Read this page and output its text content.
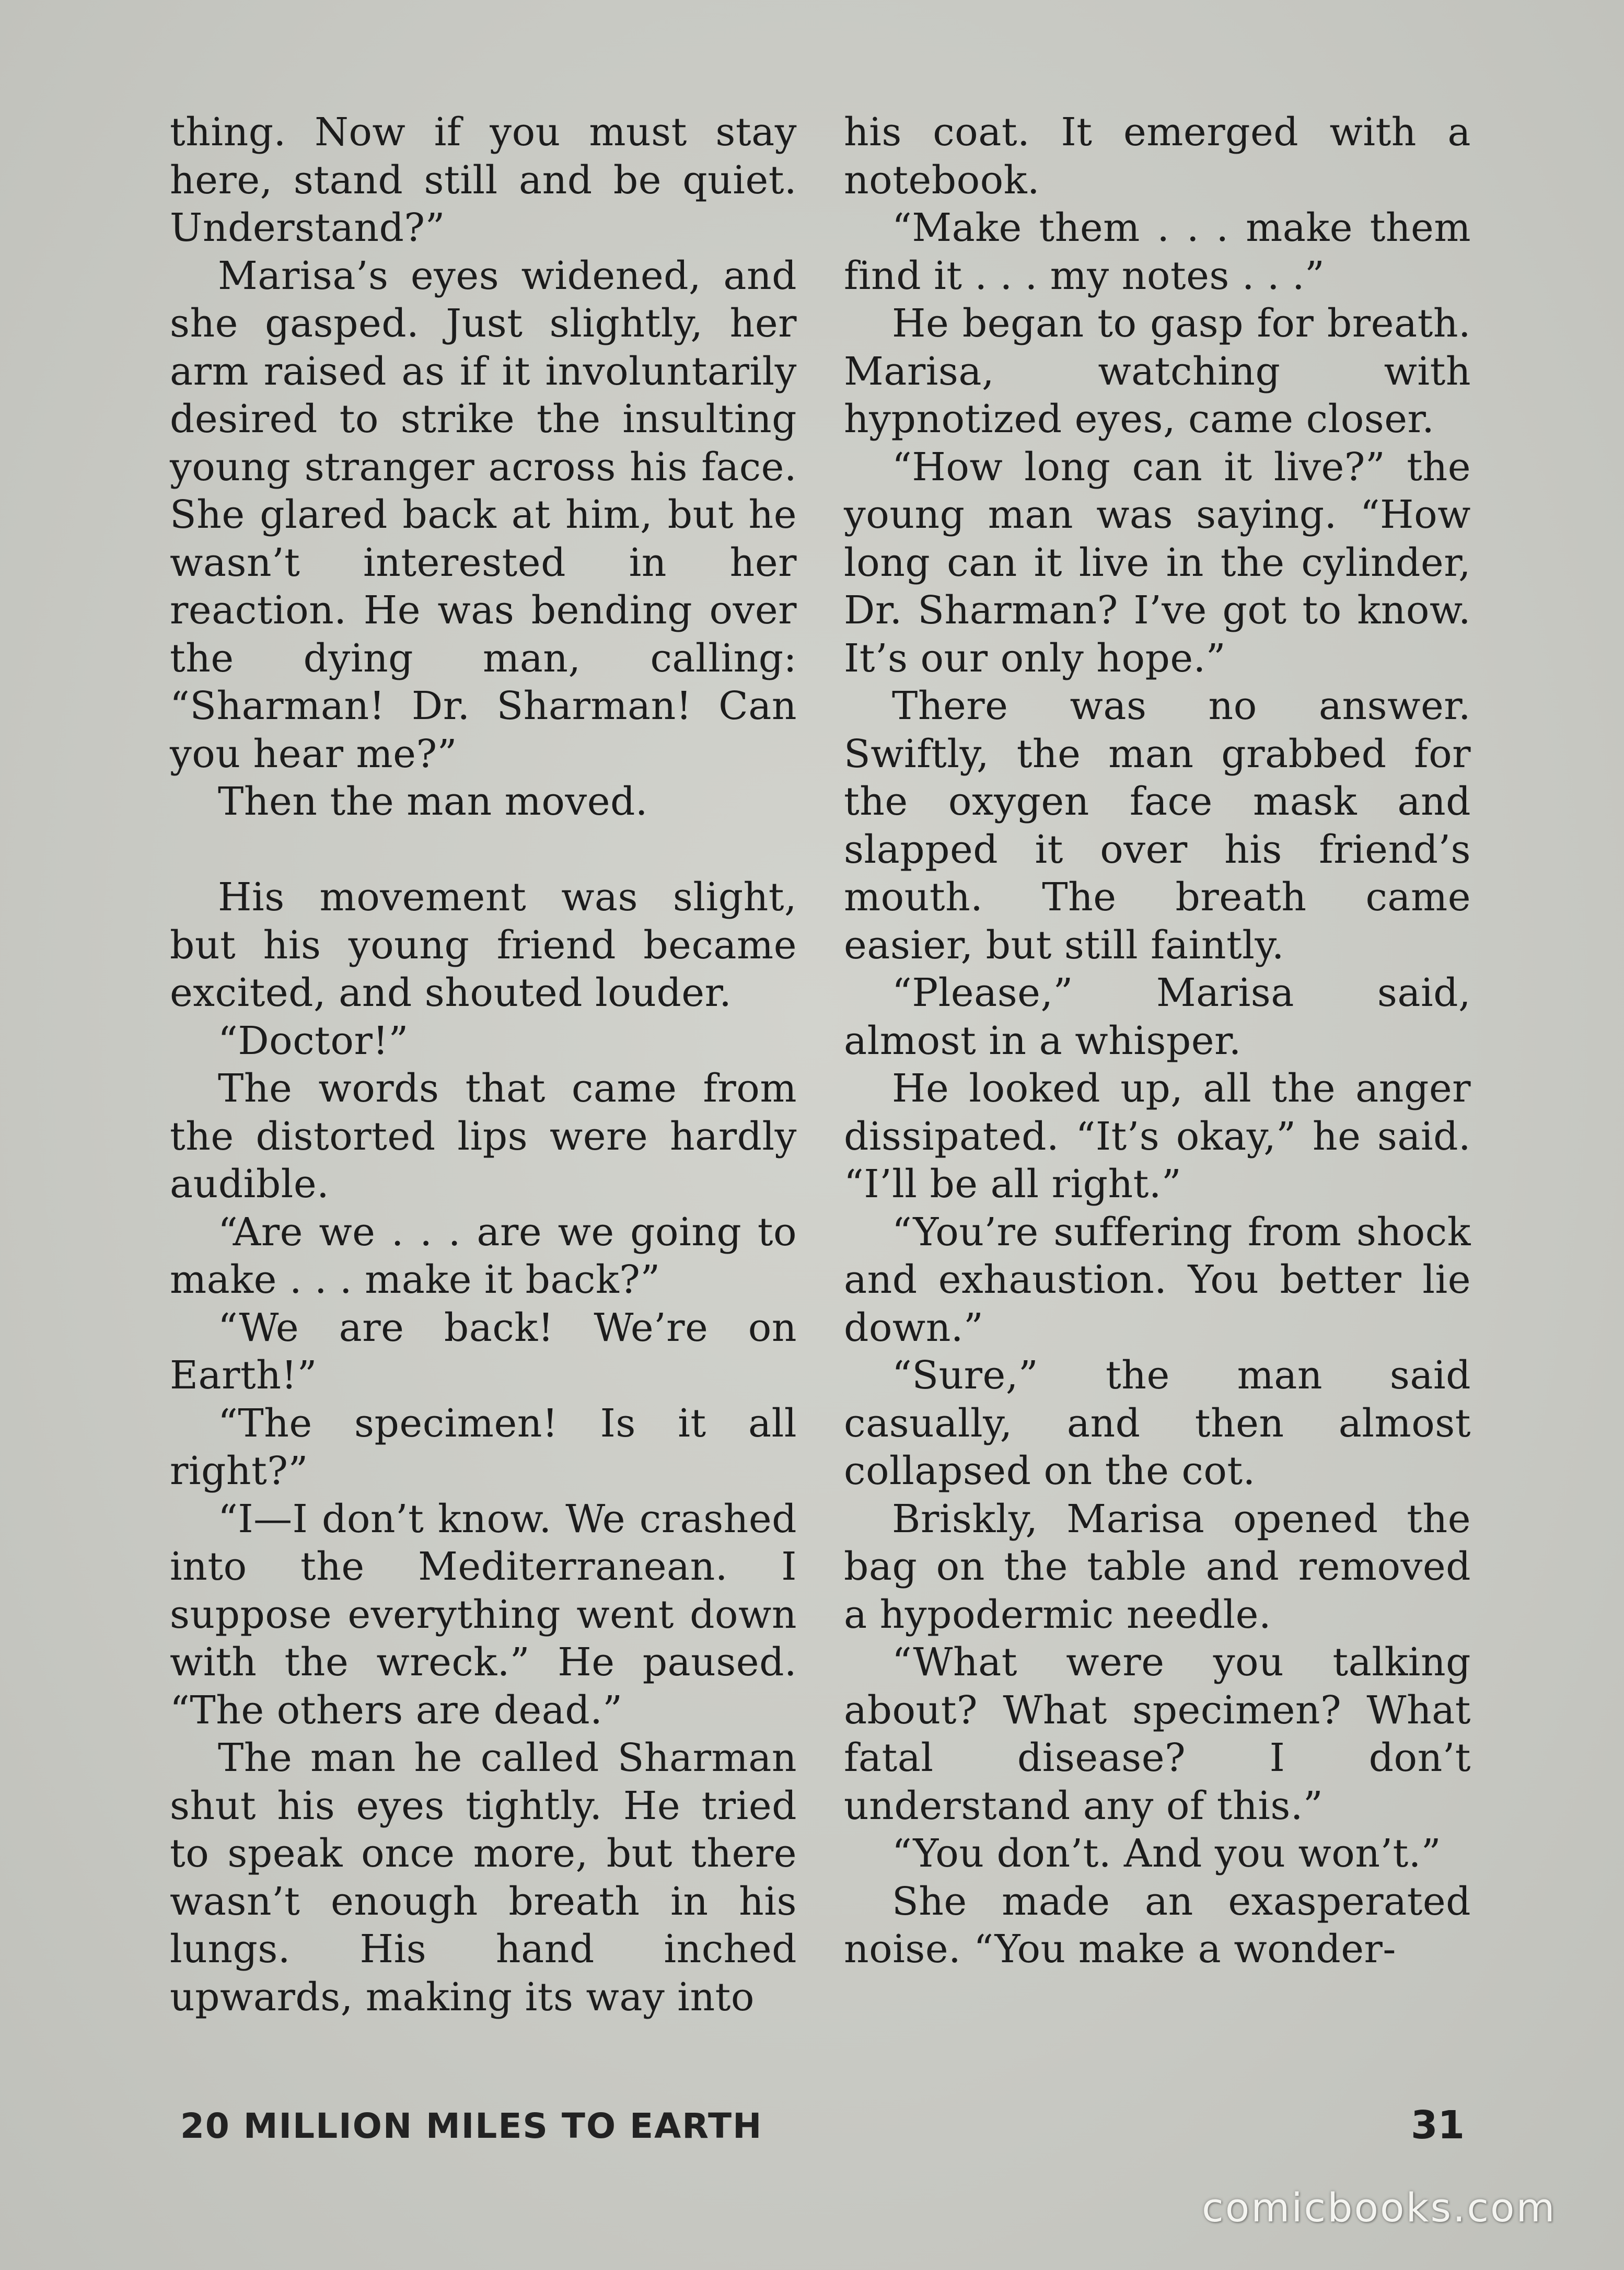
thing. Now if you must stay here, stand still and be quiet. Understand?”

Marisa’s eyes widened, and she gasped. Just slightly, her arm raised as if it involuntarily desired to strike the insulting young stranger across his face. She glared back at him, but he wasn’t interested in her reaction. He was bending over the dying man, calling: “Sharman! Dr. Sharman! Can you hear me?”

Then the man moved.

His movement was slight, but his young friend became excited, and shouted louder.

“Doctor!”

The words that came from the distorted lips were hardly audible.

“Are we . . . are we going to make . . . make it back?”

“We are back! We’re on Earth!”

“The specimen! Is it all right?”

“I—I don’t know. We crashed into the Mediterranean. I suppose everything went down with the wreck.” He paused. “The others are dead.”

The man he called Sharman shut his eyes tightly. He tried to speak once more, but there wasn’t enough breath in his lungs. His hand inched upwards, making its way into

his coat. It emerged with a notebook.

“Make them . . . make them find it . . . my notes . . .”

He began to gasp for breath. Marisa, watching with hypnotized eyes, came closer.

“How long can it live?” the young man was saying. “How long can it live in the cylinder, Dr. Sharman? I’ve got to know. It’s our only hope.”

There was no answer. Swiftly, the man grabbed for the oxygen face mask and slapped it over his friend’s mouth. The breath came easier, but still faintly.

“Please,” Marisa said, almost in a whisper.

He looked up, all the anger dissipated. “It’s okay,” he said. “I’ll be all right.”

“You’re suffering from shock and exhaustion. You better lie down.”

“Sure,” the man said casually, and then almost collapsed on the cot.

Briskly, Marisa opened the bag on the table and removed a hypodermic needle.

“What were you talking about? What specimen? What fatal disease? I don’t understand any of this.”

“You don’t. And you won’t.”

She made an exasperated noise. “You make a wonder-

20 MILLION MILES TO EARTH	31
comicbooks.com
